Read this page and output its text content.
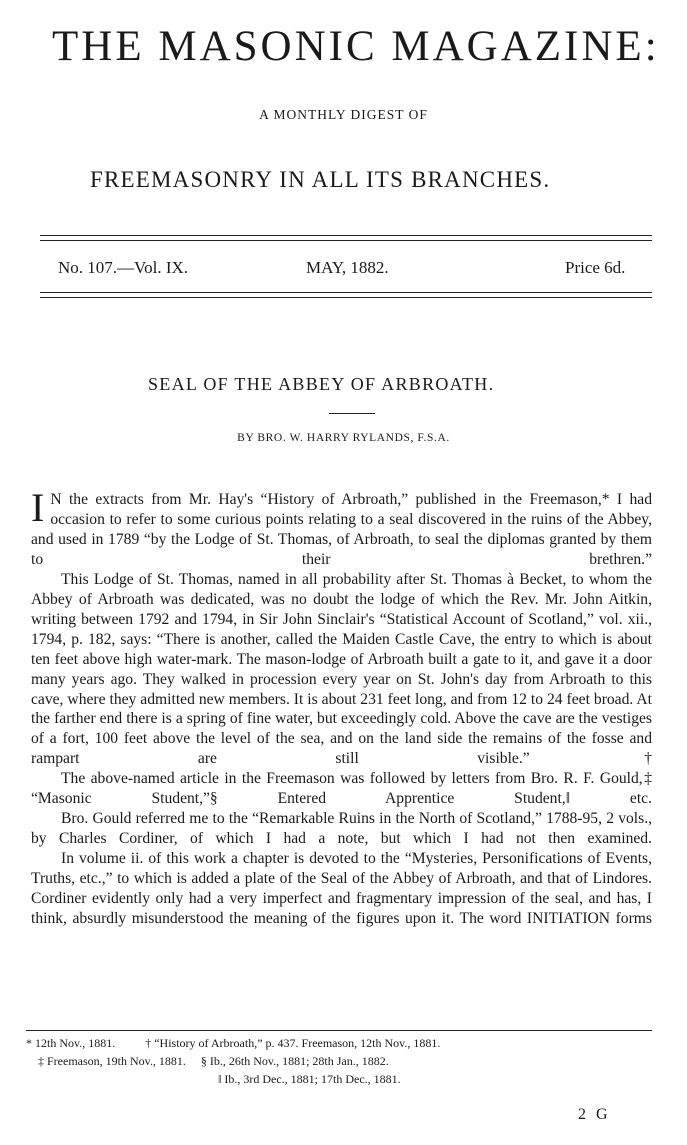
THE MASONIC MAGAZINE:
A MONTHLY DIGEST OF
FREEMASONRY IN ALL ITS BRANCHES.
No. 107.—Vol. IX.	MAY, 1882.	Price 6d.
SEAL OF THE ABBEY OF ARBROATH.
BY BRO. W. HARRY RYLANDS, F.S.A.

I N the extracts from Mr. Hay's “History of Arbroath,” published in the Freemason,* I had occasion to refer to some curious points relating to a seal discovered in the ruins of the Abbey, and used in 1789 “by the Lodge of St. Thomas, of Arbroath, to seal the diplomas granted by them to their brethren.”

This Lodge of St. Thomas, named in all probability after St. Thomas à Becket, to whom the Abbey of Arbroath was dedicated, was no doubt the lodge of which the Rev. Mr. John Aitkin, writing between 1792 and 1794, in Sir John Sinclair's “Statistical Account of Scotland,” vol. xii., 1794, p. 182, says: “There is another, called the Maiden Castle Cave, the entry to which is about ten feet above high water-mark. The mason-lodge of Arbroath built a gate to it, and gave it a door many years ago. They walked in procession every year on St. John's day from Arbroath to this cave, where they admitted new members. It is about 231 feet long, and from 12 to 24 feet broad. At the farther end there is a spring of fine water, but exceedingly cold. Above the cave are the vestiges of a fort, 100 feet above the level of the sea, and on the land side the remains of the fosse and rampart are still visible.”†

The above-named article in the Freemason was followed by letters from Bro. R. F. Gould,‡ “Masonic Student,”§ Entered Apprentice Student,‖ etc.

Bro. Gould referred me to the “Remarkable Ruins in the North of Scotland,” 1788-95, 2 vols., by Charles Cordiner, of which I had a note, but which I had not then examined.

In volume ii. of this work a chapter is devoted to the “Mysteries, Personifications of Events, Truths, etc.,” to which is added a plate of the Seal of the Abbey of Arbroath, and that of Lindores. Cordiner evidently only had a very imperfect and fragmentary impression of the seal, and has, I think, absurdly misunderstood the meaning of the figures upon it. The word INITIATION forms

* 12th Nov., 1881.          † “History of Arbroath,” p. 437. Freemason, 12th Nov., 1881.
‡ Freemason, 19th Nov., 1881.     § Ib., 26th Nov., 1881; 28th Jan., 1882.
‖ Ib., 3rd Dec., 1881; 17th Dec., 1881.
2 G
